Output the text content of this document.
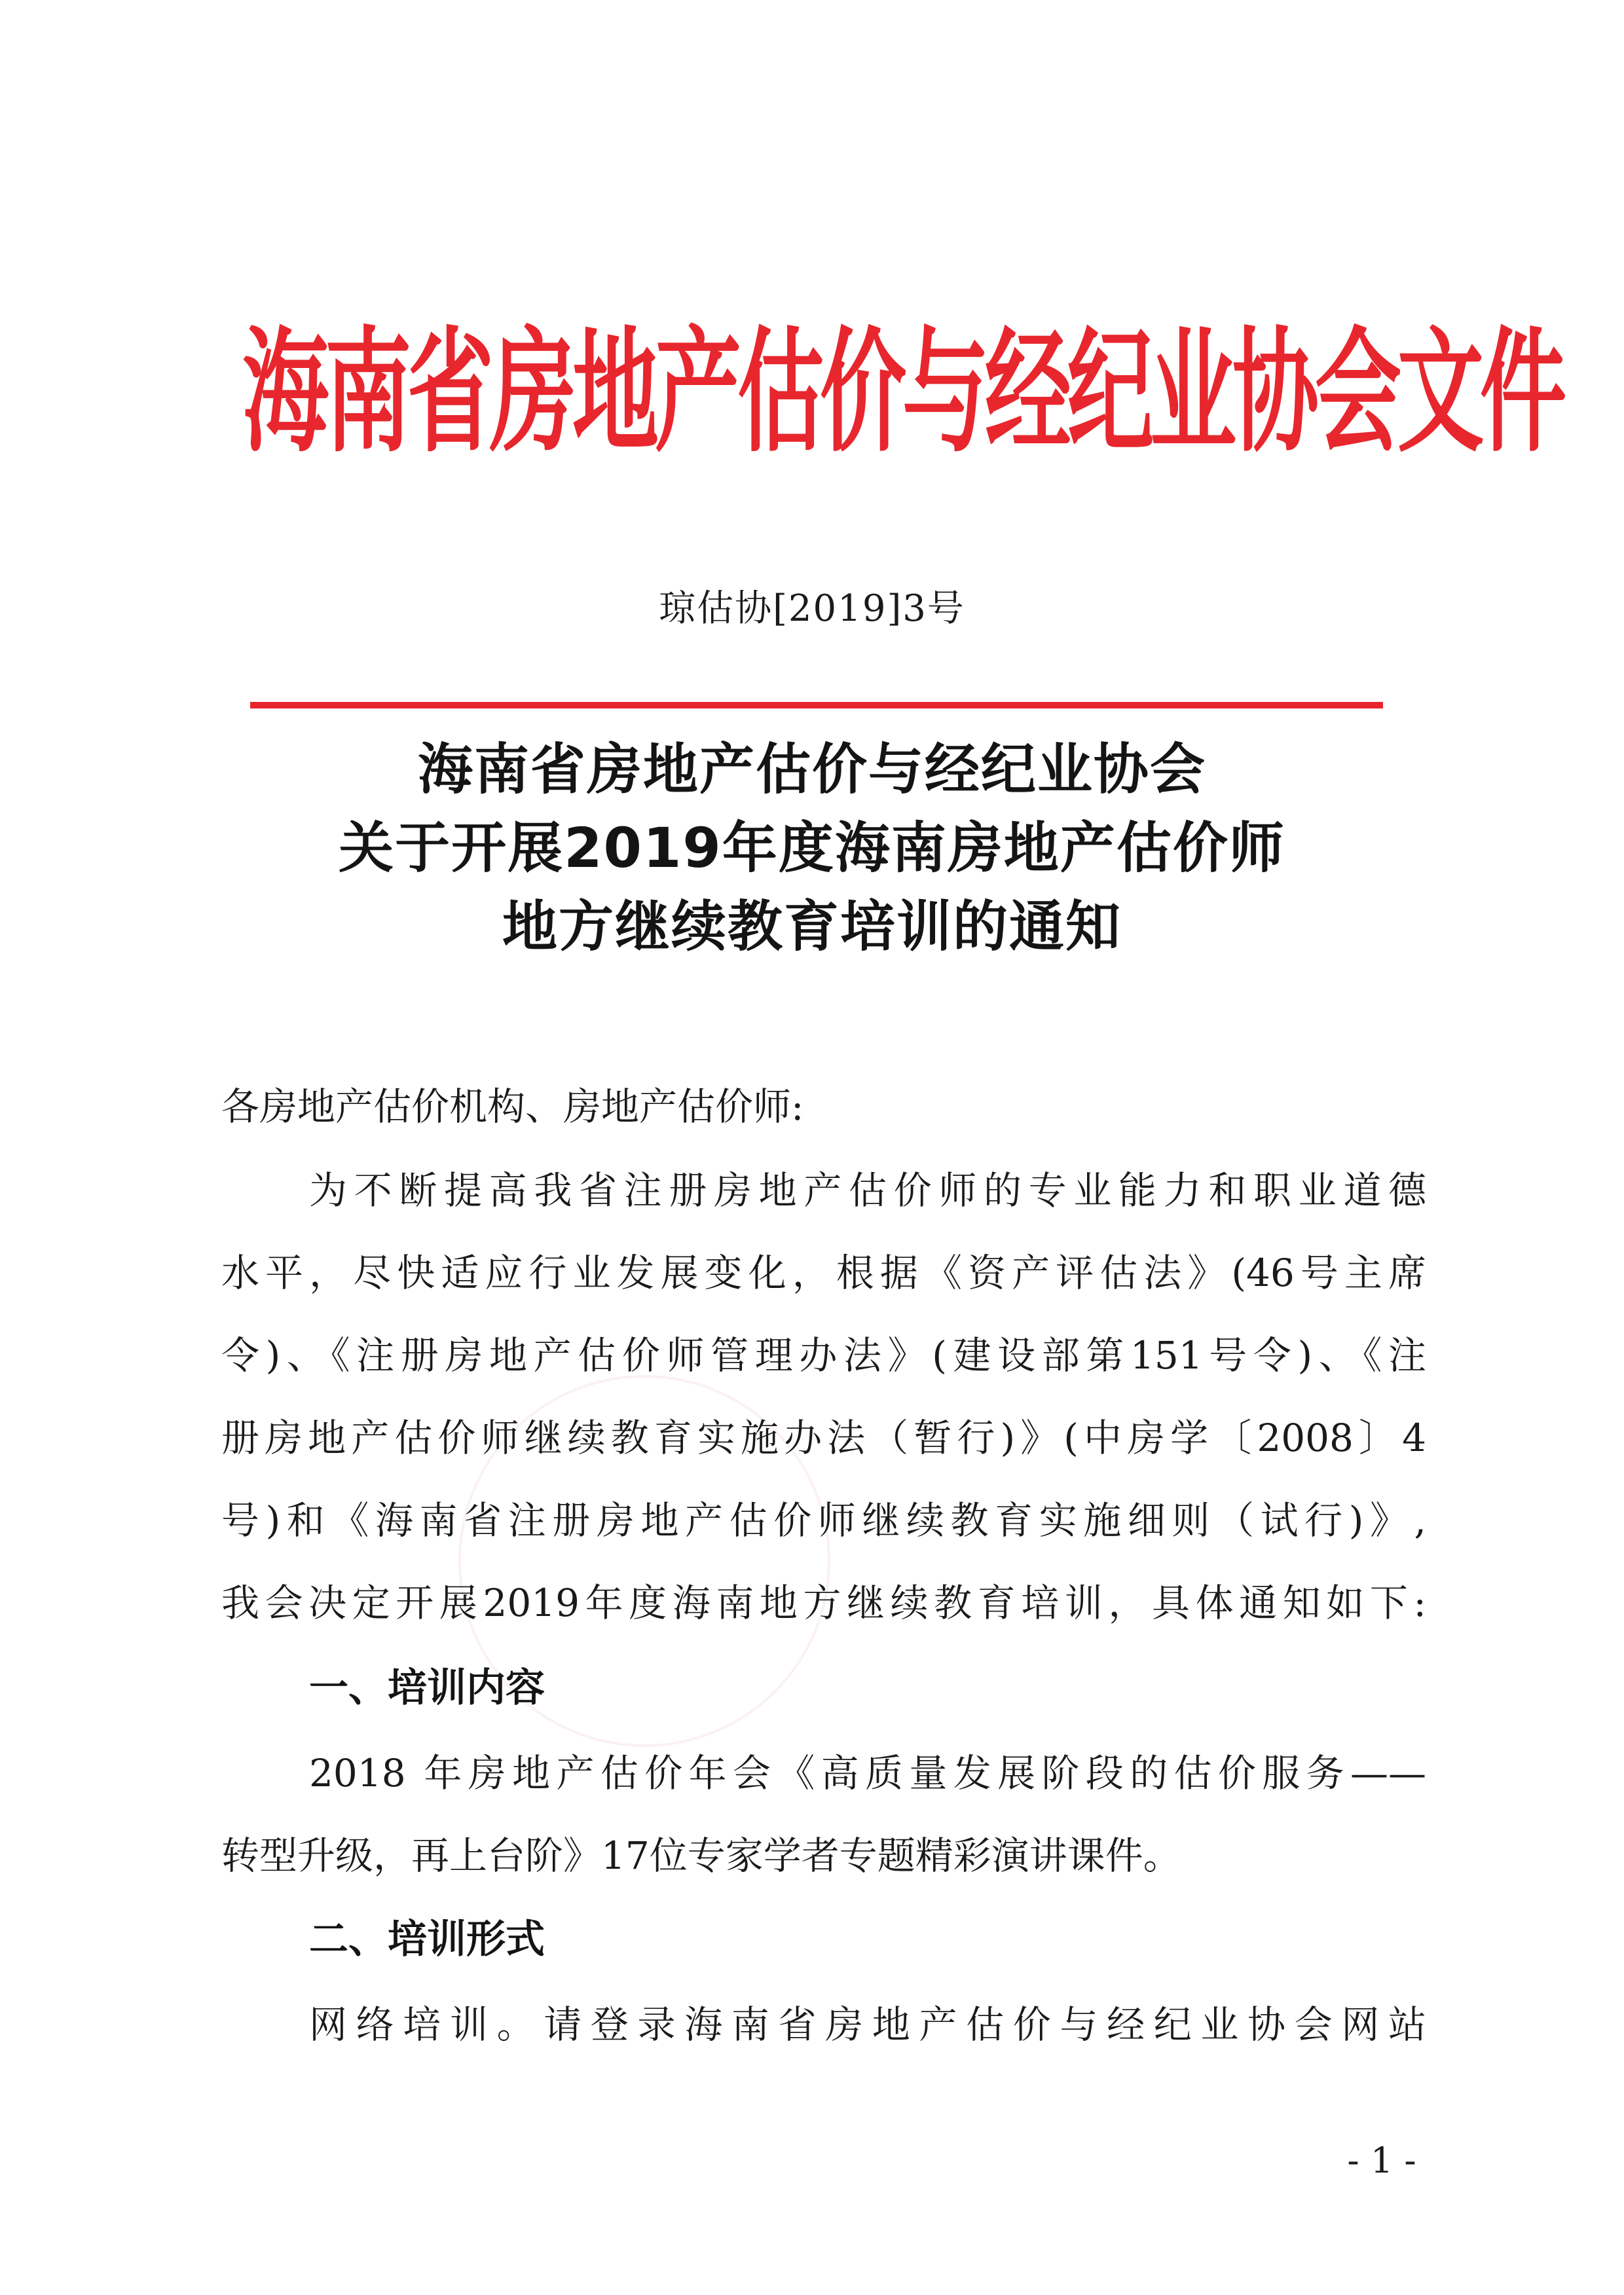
海南省房地产估价与经纪业协会文件
琼估协[2019]3号
海南省房地产估价与经纪业协会
关于开展2019年度海南房地产估价师
地方继续教育培训的通知
各房地产估价机构、房地产估价师:
为不断提高我省注册房地产估价师的专业能力和职业道德
水平，尽快适应行业发展变化，根据《资产评估法》(46号主席
令)、《注册房地产估价师管理办法》(建设部第151号令)、《注
册房地产估价师继续教育实施办法（暂行)》(中房学〔2008〕4
号)和《海南省注册房地产估价师继续教育实施细则（试行)》,
我会决定开展2019年度海南地方继续教育培训，具体通知如下:
一、培训内容
2018 年房地产估价年会《高质量发展阶段的估价服务——
转型升级，再上台阶》17位专家学者专题精彩演讲课件。
二、培训形式
网络培训。请登录海南省房地产估价与经纪业协会网站
- 1 -
